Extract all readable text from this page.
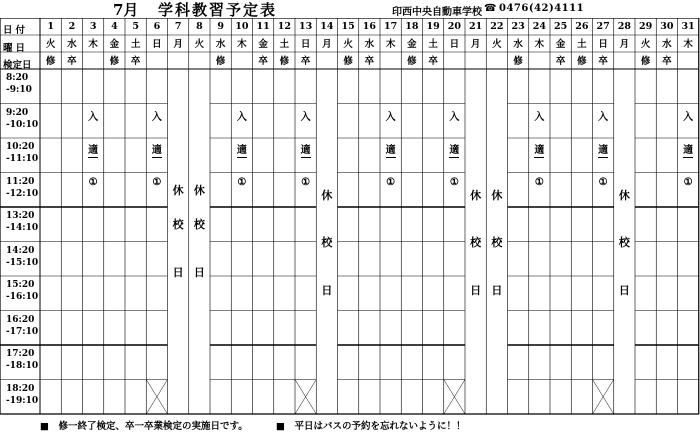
7月 学科教習予定表	印西中央自動車学校 ☎ 0476(42)4111
日付
曜日
検定日
1
火
修
2
水
卒
3
木
4
金
修
5
土
卒
6
日
7
月
8
火
9
水
修
10
木
11
金
卒
12
土
修
13
日
卒
14
月
15
火
修
16
水
卒
17
木
18
金
修
19
土
卒
20
日
21
月
22
火
23
水
修
24
木
25
金
卒
26
土
修
27
日
卒
28
月
29
火
修
30
水
卒
31
木
8:20
-9:10
9:20
-10:10
10:20
-11:10
11:20
-12:10
13:20
-14:10
14:20
-15:10
15:20
-16:10
16:20
-17:10
17:20
-18:10
18:20
-19:10
休
校
日
休
校
日
休
校
日
休
校
日
休
校
日
休
校
日
入
適
①
入
適
①
入
適
①
入
適
①
入
適
①
入
適
①
入
適
①
入
適
①
入
適
①
■　修一終了検定、卒一卒業検定の実施日です。	■　平日はバスの予約を忘れないように！！
